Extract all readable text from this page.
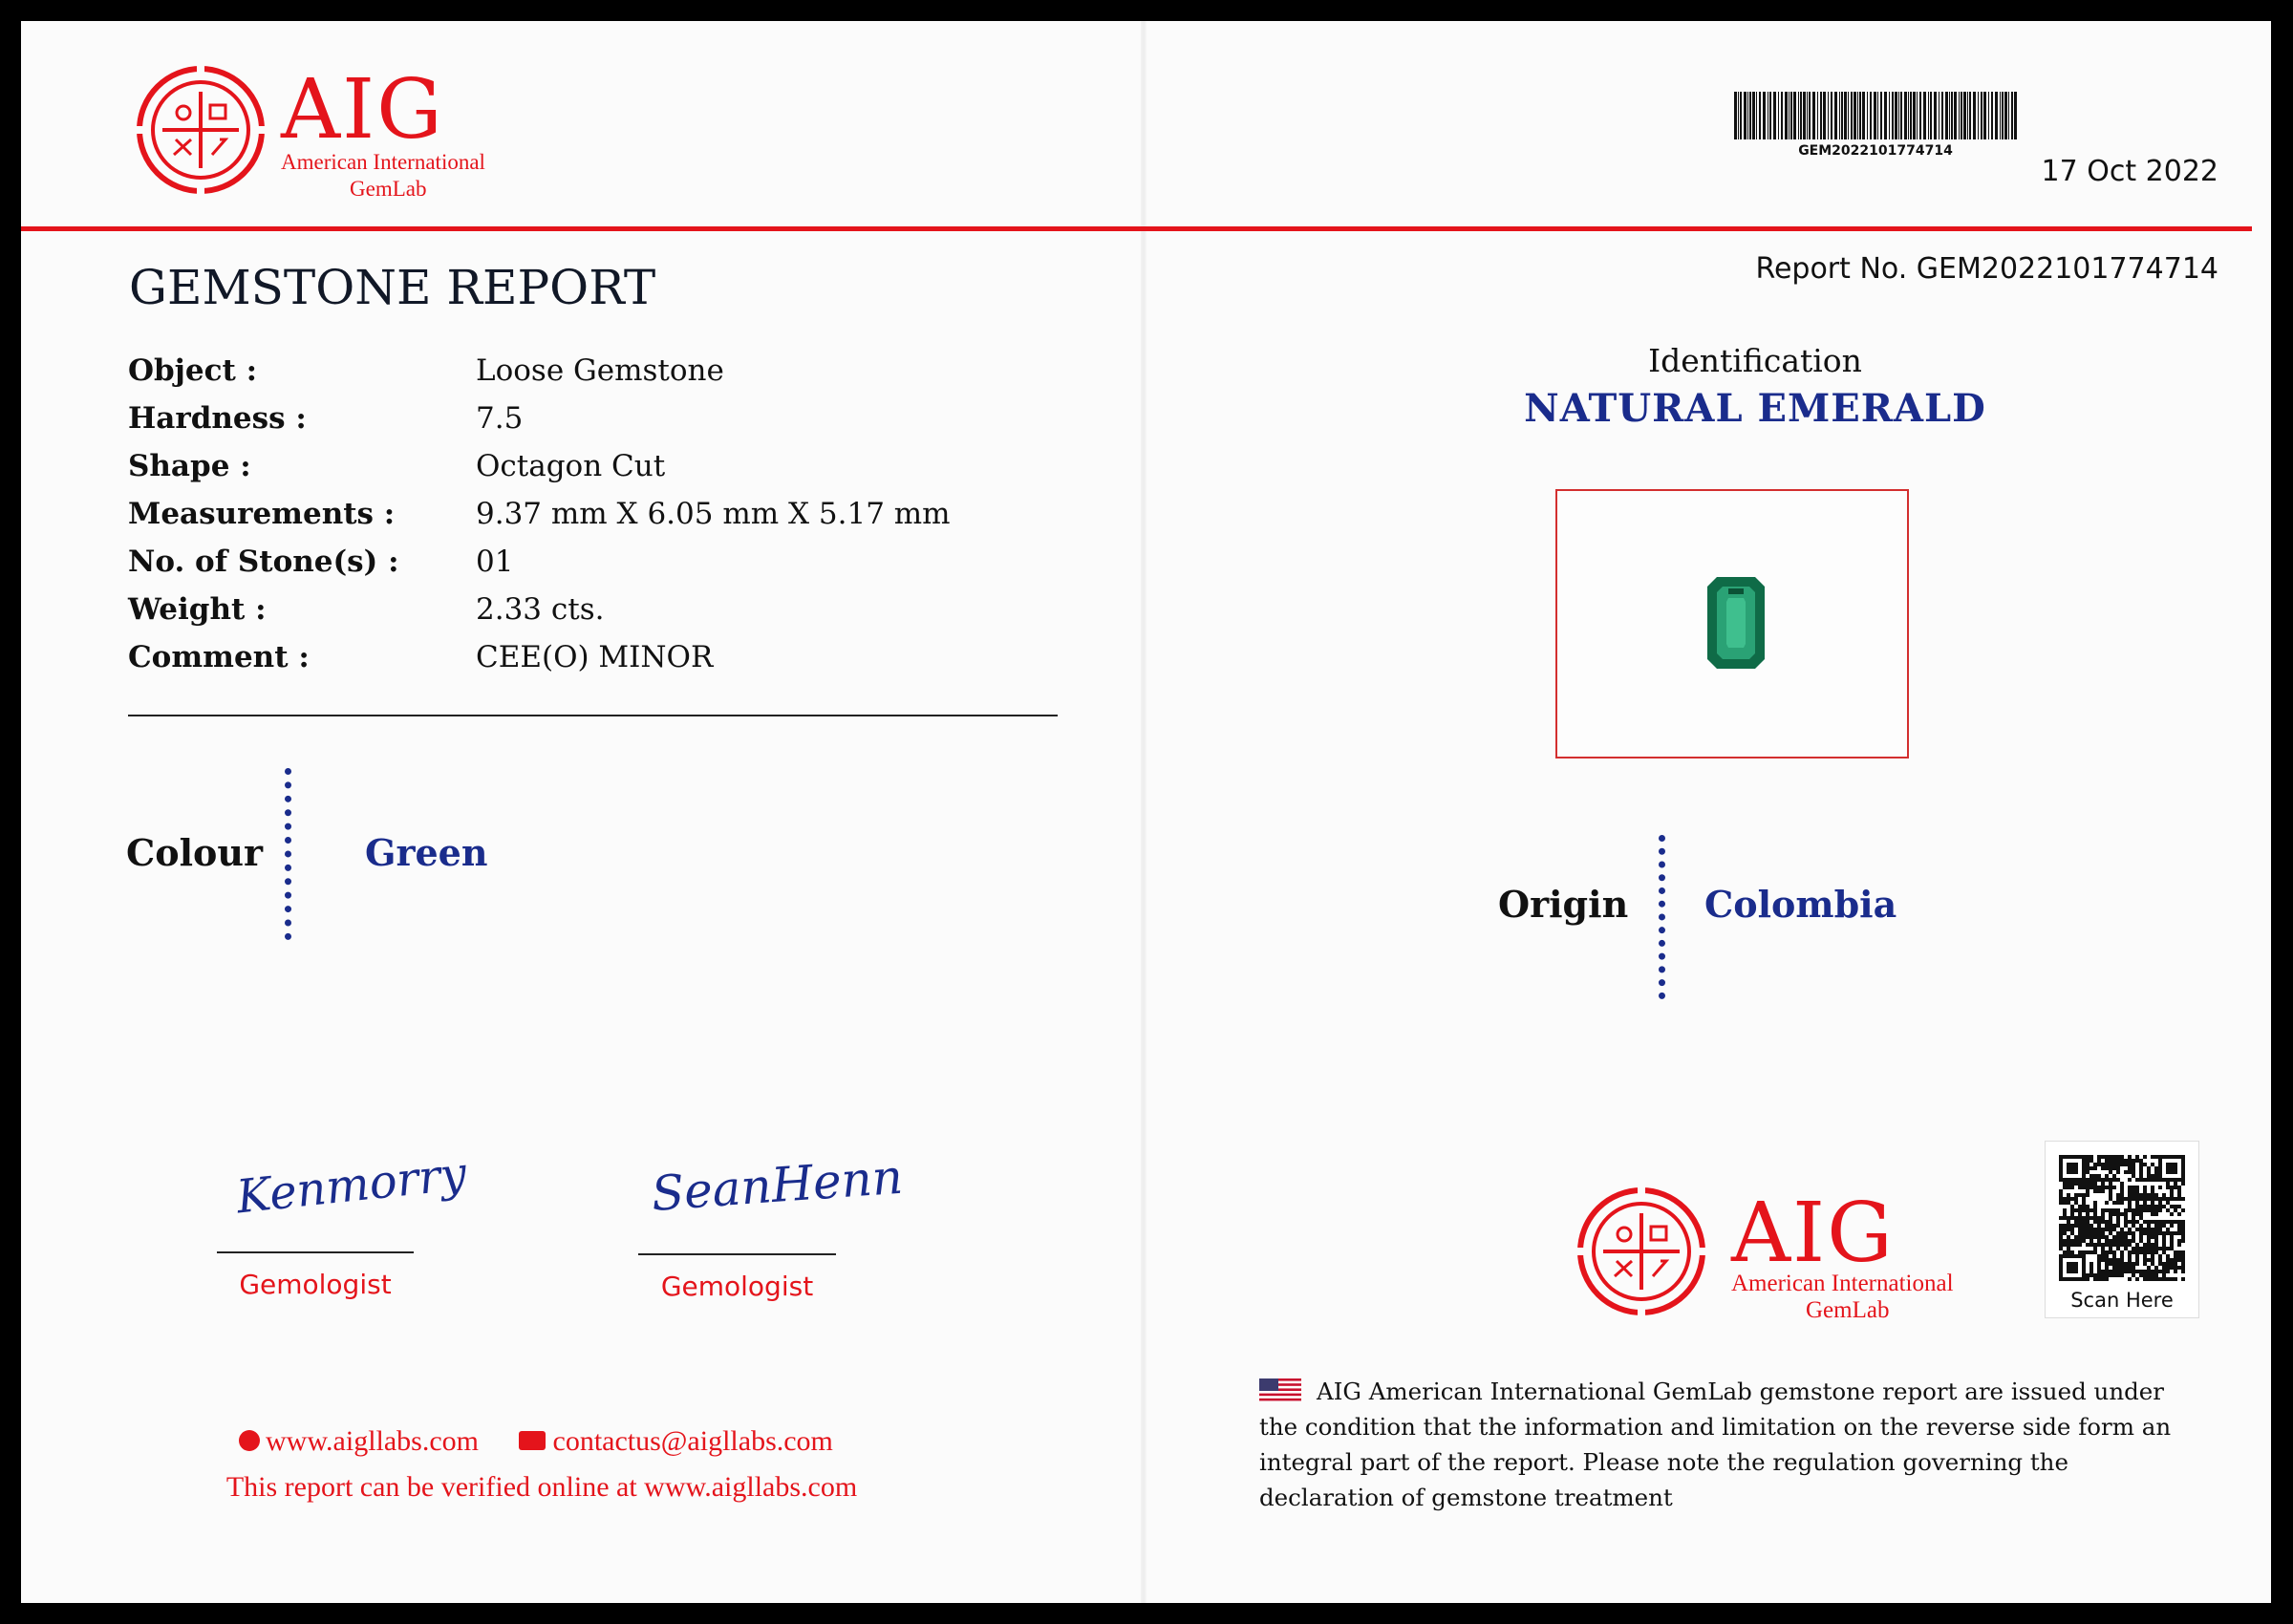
AIG
American International
GemLab
GEM2022101774714
17 Oct 2022
GEMSTONE REPORT
Object :	Loose Gemstone
Hardness :	7.5
Shape :	Octagon Cut
Measurements :	9.37 mm X 6.05 mm X 5.17 mm
No. of Stone(s) :	01
Weight :	2.33 cts.
Comment :	CEE(O) MINOR
Colour	Green
Kenmorry
Gemologist
SeanHenn
Gemologist
www.aigllabs.com	contactus@aigllabs.com
This report can be verified online at www.aigllabs.com
Report No. GEM2022101774714
Identification
NATURAL EMERALD
Origin Colombia
AIG
American International
GemLab	Scan Here
AIG American International GemLab gemstone report are issued under the condition that the information and limitation on the reverse side form an integral part of the report. Please note the regulation governing the declaration of gemstone treatment
